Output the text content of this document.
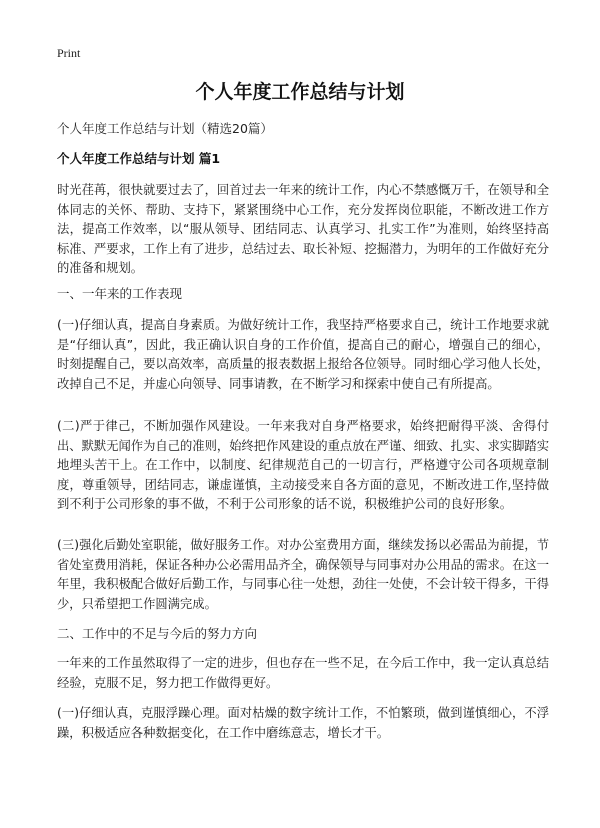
Print
个人年度工作总结与计划
个人年度工作总结与计划（精选20篇）
个人年度工作总结与计划 篇1

时光荏苒，很快就要过去了，回首过去一年来的统计工作，内心不禁感慨万千，在领导和全体同志的关怀、帮助、支持下，紧紧围绕中心工作，充分发挥岗位职能，不断改进工作方法，提高工作效率，以“服从领导、团结同志、认真学习、扎实工作”为准则，始终坚持高标准、严要求，工作上有了进步，总结过去、取长补短、挖掘潜力，为明年的工作做好充分的准备和规划。

一、一年来的工作表现

(一)仔细认真，提高自身素质。为做好统计工作，我坚持严格要求自己，统计工作地要求就是“仔细认真”，因此，我正确认识自身的工作价值，提高自己的耐心，增强自己的细心，时刻提醒自己，要以高效率，高质量的报表数据上报给各位领导。同时细心学习他人长处，改掉自己不足，并虚心向领导、同事请教，在不断学习和探索中使自己有所提高。

(二)严于律己，不断加强作风建设。一年来我对自身严格要求，始终把耐得平淡、舍得付出、默默无闻作为自己的准则，始终把作风建设的重点放在严谨、细致、扎实、求实脚踏实地埋头苦干上。在工作中，以制度、纪律规范自己的一切言行，严格遵守公司各项规章制度，尊重领导，团结同志，谦虚谨慎，主动接受来自各方面的意见，不断改进工作,坚持做到不利于公司形象的事不做，不利于公司形象的话不说，积极维护公司的良好形象。

(三)强化后勤处室职能，做好服务工作。对办公室费用方面，继续发扬以必需品为前提，节省处室费用消耗，保证各种办公必需用品齐全，确保领导与同事对办公用品的需求。在这一年里，我积极配合做好后勤工作，与同事心往一处想，劲往一处使，不会计较干得多，干得少，只希望把工作圆满完成。

二、工作中的不足与今后的努力方向

一年来的工作虽然取得了一定的进步，但也存在一些不足，在今后工作中，我一定认真总结经验，克服不足，努力把工作做得更好。

(一)仔细认真，克服浮躁心理。面对枯燥的数字统计工作，不怕繁琐，做到谨慎细心，不浮躁，积极适应各种数据变化，在工作中磨练意志，增长才干。
